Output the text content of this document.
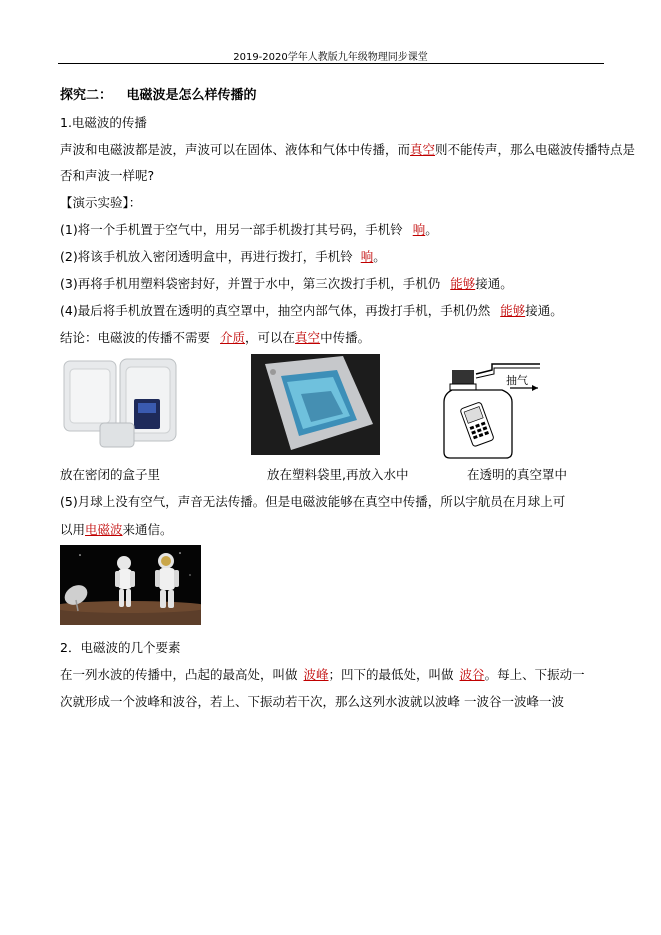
2019-2020学年人教版九年级物理同步课堂
探究二： 电磁波是怎么样传播的
1.电磁波的传播
声波和电磁波都是波，声波可以在固体、液体和气体中传播，而真空则不能传声，那么电磁波传播特点是
否和声波一样呢?
【演示实验】：
(1)将一个手机置于空气中，用另一部手机拨打其号码，手机铃 响。
(2)将该手机放入密闭透明盒中，再进行拨打，手机铃 响。
(3)再将手机用塑料袋密封好，并置于水中，第三次拨打手机，手机仍 能够接通。
(4)最后将手机放置在透明的真空罩中，抽空内部气体，再拨打手机，手机仍然 能够接通。
结论：电磁波的传播不需要 介质，可以在真空中传播。
抽气
放在密闭的盒子里	放在塑料袋里,再放入水中	在透明的真空罩中
(5)月球上没有空气，声音无法传播。但是电磁波能够在真空中传播，所以宇航员在月球上可
以用电磁波来通信。
2．电磁波的几个要素
在一列水波的传播中，凸起的最高处，叫做 波峰；凹下的最低处，叫做 波谷。每上、下振动一
次就形成一个波峰和波谷，若上、下振动若干次，那么这列水波就以波峰 一波谷一波峰一波
